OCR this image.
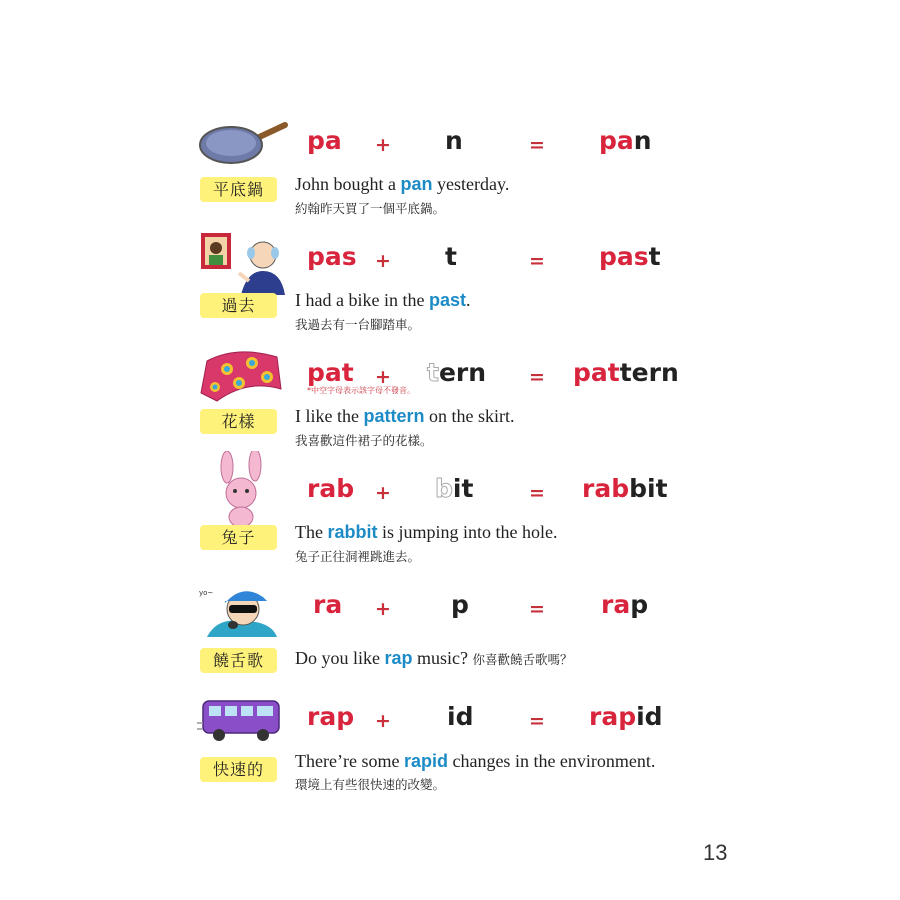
pa + n	= pan
平底鍋	John bought a pan yesterday.
約翰昨天買了一個平底鍋。
pas + t	= past
過去	I had a bike in the past.
我過去有一台腳踏車。
pat + tern = pattern
*中空字母表示該字母不發音。
花樣	I like the pattern on the skirt.
我喜歡這件裙子的花樣。
rab + bit	= rabbit
兔子	The rabbit is jumping into the hole.
兔子正往洞裡跳進去。
yo~	ra + p	= rap
饒舌歌	Do you like rap music? 你喜歡饒舌歌嗎？
rap + id	= rapid
快速的	There’re some rapid changes in the environment.
環境上有些很快速的改變。
13
